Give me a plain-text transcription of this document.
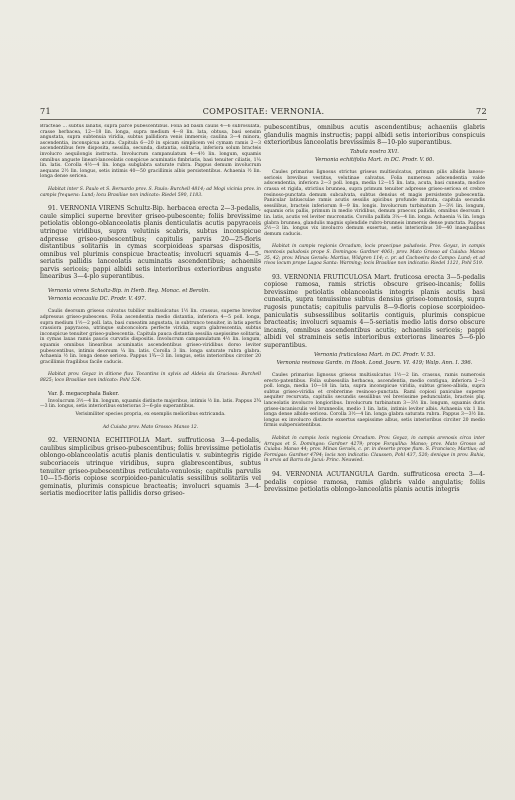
71	COMPOSITAE: VERNONIA.	72

Bracteae ... subtus lanatis, supra parce pubescentibus. Folia ad basin caulis 4—6 subrosulata, crasse herbacea, 12—18 lin. longa, supra medium 4—8 lin. lata, obtusa, basi sensim angustata, supra subtenuia viridia, subtus pallidiora venis immersis; caulina 3—4 minora, ascendentia, inconspicua acuta. Capitula 6—20 in spicam simplicem vel cymam ramis 2—3 ascendentibus fere disposita, sessilia, secunda, distantia, solitaria, inferiora solum bracteis involucro aequilongis instructa. Involucrum campanulatum 4—4½ lin. longum, squamis omnibus anguste lineari-lanceolatis conspicue acuminatis fimbriatis, basi tenuiter ciliatis, 1¼ lin. latis. Corolla 4½—4 lin. longa subglabra saturate rubra. Pappus demum involucrum aequans 2½ lin. longus, setis intimis 40—50 gracillimis albis persistentibus. Achaenia ½ lin. longa dense sericea.

Habitat inter S. Paulo et S. Bernardo prov. S. Paulo: Burchell 4814; ad Mogi vicinia prov. in campis frequens: Lund; locu Brasiliae non indicato: Riedel 590, 1183.

91. VERNONIA VIRENS Schultz-Bip. herbacea erecta 2—3-pedalis, caule simplici superne breviter griseo-pubescente; foliis brevissime petiolatis oblongo-oblanceolatis planis denticulatis acutis papyraceis utrinque viridibus, supra velutinis scabris, subtus inconspicue adpresse griseo-pubescentibus; capitulis parvis 20—25-floris distantibus solitariis in cymas scorpioideas sparsas dispositis, omnibus vel plurimis conspicue bracteatis; involucri squamis 4—5-seriatis pallidis lanceolatis acuminatis ascendentibus; achaeniis parvis sericeis; pappi albidi setis interioribus exterioribus anguste linearibus 3—4-plo superantibus.

Vernonia virens Schultz-Bip. in Herb. Reg. Monac. et Berolin.

Vernonia ecocaulia DC. Prodr. V. 497.

Caulis deorsum griseus cuivatus tubilior multisulcatus 1½ lin. crassus, superne breviter adpressus griseo-pubescens. Folia ascendentia medio distantia, inferiora 4—5 poll. longa, supra medium 1½—2 poll. lata, basi cuneatim angustata, in subtrunco tenuiter, in latis apertis crassiora papyracea, utrinque subconcolora perfecte viridia, supra glabrescentia, subtus inconspicue tenuiter griseo-pubescentia. Capitula paucа distantia sessilia saepissime solitaria, in cymas laxas ramis paucis curvatis dispositis. Involucrum campanulatum 4½ lin. longum, squamis omnibus linearibus acuminatis ascendentibus griseo-viridibus dorso leviter pubescentibus, intimis deorsum ¼ lin. latis. Corolla 3 lin. longa saturate rubra glabra. Achaenia ½ lin. longa dense sericea. Pappus 1¾—3 lin. longus, setis interioribus circiter 20 gracillimis fragilibus facile caducis.

Habitat prov. Goyaz in ditione fluv. Tocantins in sylvis ad Aldeia da Graciosa: Burchell 8825; loco Brasiliae non indicato: Pohl 524.

Var. β. megacephala Baker.

Involucrum 3½—4 lin. longum, squamis distincte majoribus, intimis ½ lin. latis. Pappus 2¾—3 lin. longus, setis interioribus exterioras 3—6-plo superantibus.

Verisimiliter species propria, ex exemplis melioribus extricanda.

Ad Cuiaba prov. Mato Grosso: Manso 12.

92. VERNONIA ECHITIFOLIA Mart. suffruticosa 3—4-pedalis, caulibus simplicibus griseo-pubescentibus; foliis brevissime petiolatis oblongo-oblanceolatis acutis planis denticulatis v. subintegris rigide subcoriaceis utrinque viridibus, supra glabrescentibus, subtus tenuiter griseo-pubescentibus reticulato-venulosis; capitulis parvulis 10—15-floris copiose scorpioideo-paniculatis sessilibus solitariis vel geminatis, plurimis conspicue bracteatis; involucri squamis 3—4-seriatis mediocriter latis pallidis dorso griseo-

pubescentibus, omnibus acutis ascendentibus; achaeniis glabris glandulis magnis instructis; pappi albidi setis interioribus conspicuis exterioribus lanceolatis brevissimis 8—10-plo superantibus.

Tabula nostra XVI.

Vernonia echitifolia Mart. in DC. Prodr. V. 60.

Caules primarius lignosus strictus griseus multisulcatus, primum pilis albidis lanoso-sericeis brevibus vestitus, velutinae calvatus. Folia numerosa adscendentia valde adscendentia, inferiora 2—3 poll. longa, media 12—15 lin. lata, acuta, basi cuneata, modice crassa et rigida, strictius brunnea, supra primum tenuiter adpresse griseo-sericea et crebre resinoso-punctata demum subcalvata, subtus densius et magis persistente pubescentia. Panicular latiusculae ramis acutis sessilis apicibus profunde mitrata, capitula secundis sessilibus, bracteis inferiorum 8—9 lin. longis. Involucrum turbinatum 3—3½ lin. longum, squamis oris pallis, primum in medio viridibus, demum praecox pallidis, omnibus deorsum 1 lin. latis, acutis vel leviter mucronatis. Corolla pallida 3¼—4 lin. longa. Achaenia ¼ lin. longa glabra brunnea, glandulis magnis splendide rubro-brunneis immersis dense punctata. Pappus 2½—3 lin. longus vix involucro demum exsertus, setis interioribus 30—40 inaequalibus demum caducis.

Habitat in campis regionis Orcadum, locis praecipue paludosis. Prov. Goyaz, in campis montosis paludosis prope S. Domingos: Gardner 4061; prov. Mato Grosso ad Cuiaba: Manso 35, 42; prov. Minas Geraës: Martius, Widgren 114; c. pr. ad Cachoeira do Campo: Lund; et ad rivos locum prope Lagoa Santa: Warming; locis Brasiliae non indicatis: Riedel 1121, Pohl 519.

93. VERNONIA FRUTICULOSA Mart. fruticosa erecta 3—5-pedalis copiose ramosa, ramis strictis obscure griseo-incanis; foliis brevissime petiolatis oblanceolatis integris planis acutis basi cuneatis, supra tenuissime subtus densius griseo-tomentosis, supra rugosis punctatis; capitulis parvulis 8—9-floris copiose scorpioideo-paniculatis subsessilibus solitariis contiguis, plurimis conspicue bracteatis; involucri squamis 4—5-seriatis medio latis dorso obscure incanis, omnibus ascendentibus acutis; achaeniis sericeis; pappi albidi vel stramineis setis interioribus exterioras lineares 5—6-plo superantibus.

Vernonia fruticulosa Mart. in DC. Prodr. V. 53.

Vernonia resinosa Gardn. in Hook. Lond. Journ. VI. 419; Walp. Ann. I. 396.

Caules primarius lignosus griseus multisulcatus 1½—2 lin. crassus, ramis numerosis erecto-patentibus. Folia subsessilia herbacea, ascendentia, medio contigua, inferiora 2—3 poll. longa, media 10—18 lin. lata, supra inconspicue viridia, subtus griseo-albida, supra subtus griseo-viridia et crebrerime resinoso-punctata. Rami copiosi paniculae superne aequiter recurvata, capitulis secundis sessilibus vel brevissime pedunculatis, bracteis plq. lanceolatis involucro longioribus. Involucrum turbinatum 3—3½ lin. longum, squamis duris griseo-incanisculis vel brunneolis, medio 1 lin. latis, intimis leviter albis. Achaenia vix 1 lin. longa dense albido-sericea. Corolla 3½—4 lin. longa glabra saturata rubra. Pappus 3—3½ lin. longus ex involucro distincte exsertus saepissime albus, setis interioribus circiter 20 medio firmis subpersistentibus.

Habitat in campis locis regionis Orcadum. Prov. Goyaz, in campis arenosis circa inter Arrayas et S. Domingos: Gardner 4279; prope Forquilha: Manso; prov. Mato Grosso ad Cuiaba: Manso 44; prov. Minas Geraës, c. pr. in deserto prope flum. S. Francisco; Martius; ad Formigas: Gardner 4794; locis non indicatis: Claussen, Pohl 437, 520; denique in prov. Bahia, in arvis ad Barra do Jacui: Princ. Neuwied.

94. VERNONIA ACUTANGULA Gardn. suffruticosa erecta 3—4-pedalis copiose ramosa, ramis glabris valde angulatis; foliis brevissime petiolatis oblongo-lanceolatis planis acutis integris
